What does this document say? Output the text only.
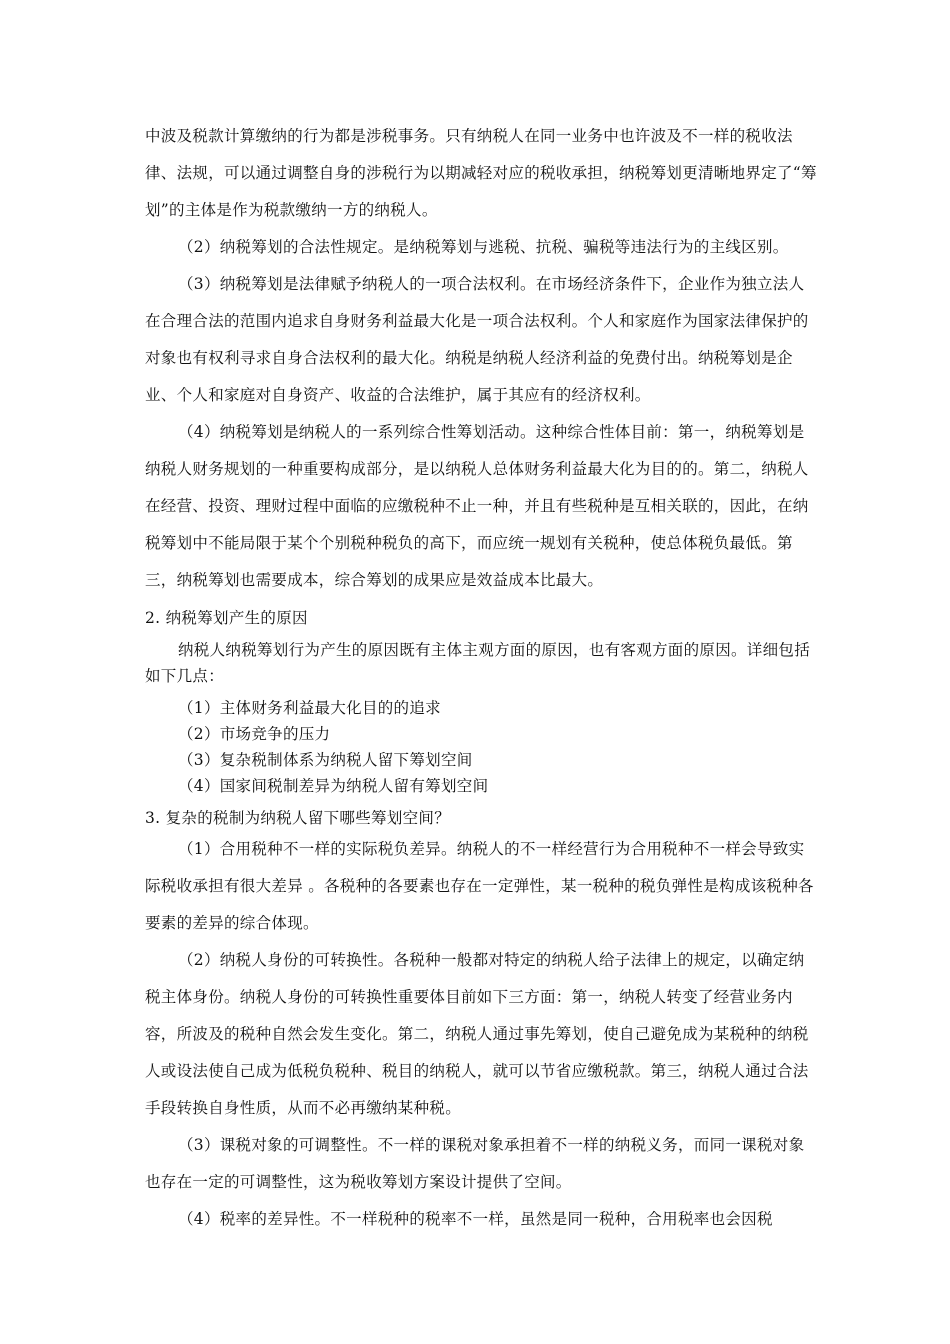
中波及税款计算缴纳的行为都是涉税事务。只有纳税人在同一业务中也许波及不一样的税收法律、法规，可以通过调整自身的涉税行为以期减轻对应的税收承担，纳税筹划更清晰地界定了“筹划”的主体是作为税款缴纳一方的纳税人。

（2）纳税筹划的合法性规定。是纳税筹划与逃税、抗税、骗税等违法行为的主线区别。

（3）纳税筹划是法律赋予纳税人的一项合法权利。在市场经济条件下，企业作为独立法人在合理合法的范围内追求自身财务利益最大化是一项合法权利。个人和家庭作为国家法律保护的对象也有权利寻求自身合法权利的最大化。纳税是纳税人经济利益的免费付出。纳税筹划是企业、个人和家庭对自身资产、收益的合法维护，属于其应有的经济权利。

（4）纳税筹划是纳税人的一系列综合性筹划活动。这种综合性体目前：第一，纳税筹划是纳税人财务规划的一种重要构成部分，是以纳税人总体财务利益最大化为目的的。第二，纳税人在经营、投资、理财过程中面临的应缴税种不止一种，并且有些税种是互相关联的，因此，在纳税筹划中不能局限于某个个别税种税负的高下，而应统一规划有关税种，使总体税负最低。第三，纳税筹划也需要成本，综合筹划的成果应是效益成本比最大。

2. 纳税筹划产生的原因

纳税人纳税筹划行为产生的原因既有主体主观方面的原因，也有客观方面的原因。详细包括如下几点：

（1）主体财务利益最大化目的的追求

（2）市场竞争的压力

（3）复杂税制体系为纳税人留下筹划空间

（4）国家间税制差异为纳税人留有筹划空间

3. 复杂的税制为纳税人留下哪些筹划空间？

（1）合用税种不一样的实际税负差异。纳税人的不一样经营行为合用税种不一样会导致实际税收承担有很大差异 。各税种的各要素也存在一定弹性，某一税种的税负弹性是构成该税种各要素的差异的综合体现。

（2）纳税人身份的可转换性。各税种一般都对特定的纳税人给子法律上的规定，以确定纳税主体身份。纳税人身份的可转换性重要体目前如下三方面：第一，纳税人转变了经营业务内容，所波及的税种自然会发生变化。第二，纳税人通过事先筹划，使自己避免成为某税种的纳税人或设法使自己成为低税负税种、税目的纳税人，就可以节省应缴税款。第三，纳税人通过合法手段转换自身性质，从而不必再缴纳某种税。

（3）课税对象的可调整性。不一样的课税对象承担着不一样的纳税义务，而同一课税对象也存在一定的可调整性，这为税收筹划方案设计提供了空间。

（4）税率的差异性。不一样税种的税率不一样，虽然是同一税种，合用税率也会因税
